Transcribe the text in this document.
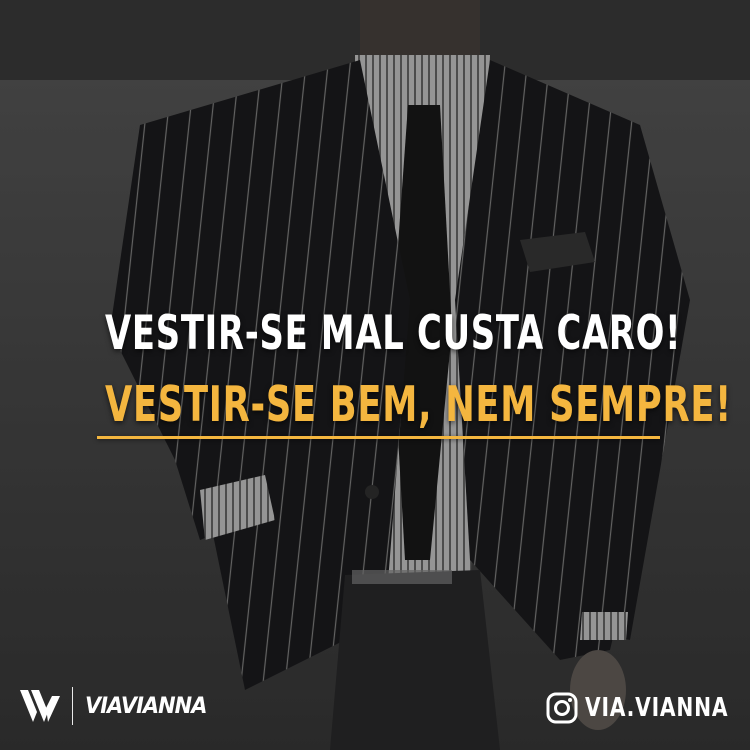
VESTIR-SE MAL CUSTA CARO!
VESTIR-SE BEM, NEM SEMPRE!
VIAVIANNA	VIA.VIANNA
